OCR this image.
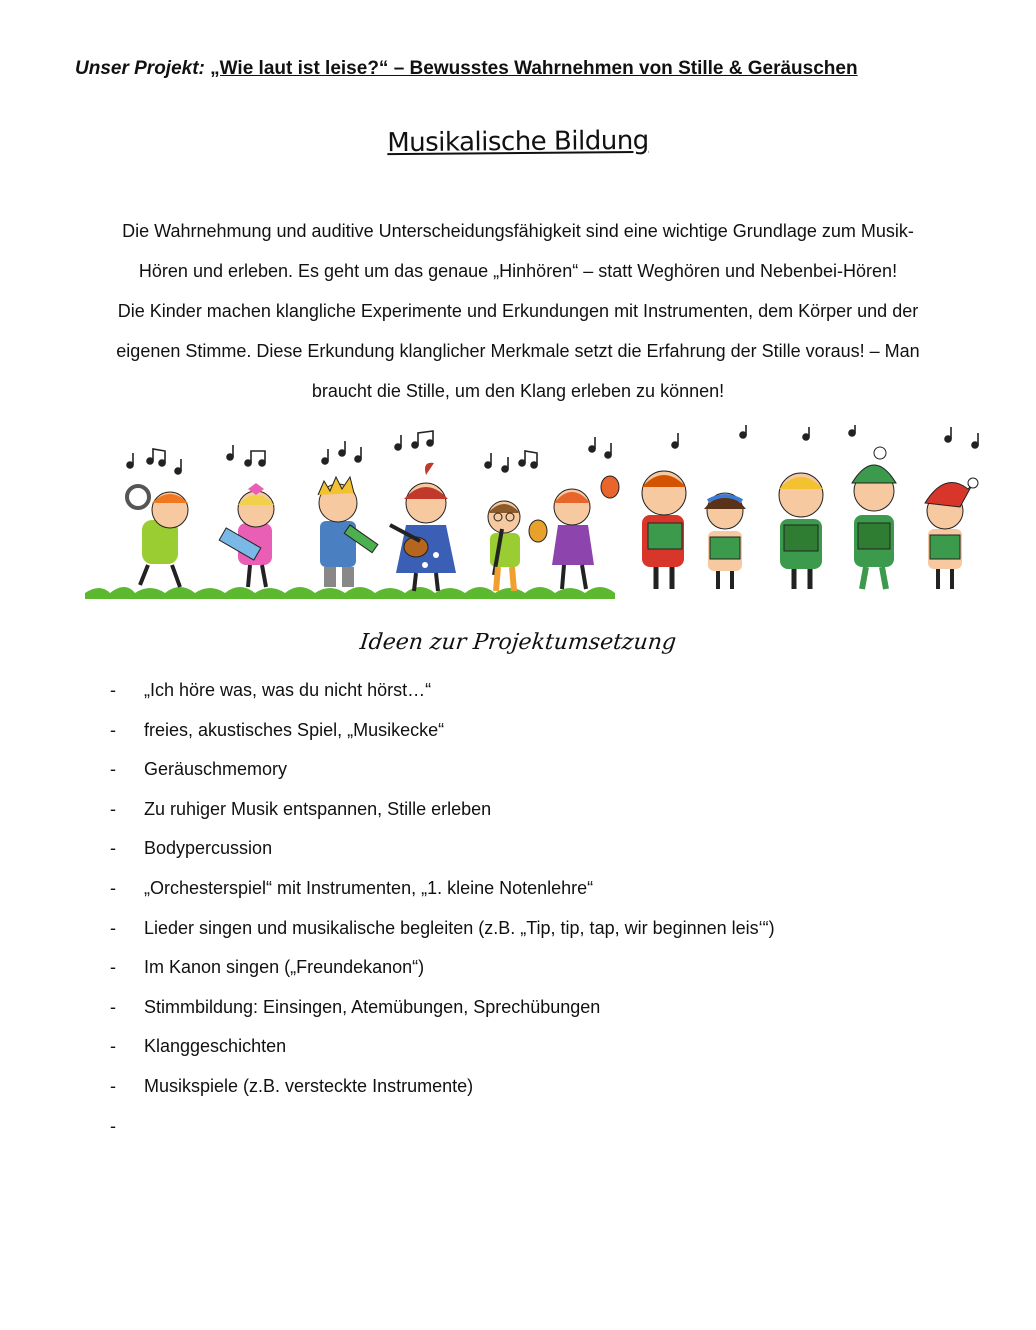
Unser Projekt: „Wie laut ist leise?“ – Bewusstes Wahrnehmen von Stille & Geräuschen
Musikalische Bildung

Die Wahrnehmung und auditive Unterscheidungsfähigkeit sind eine wichtige Grundlage zum Musik-

Hören und erleben. Es geht um das genaue „Hinhören“ – statt Weghören und Nebenbei-Hören!

Die Kinder machen klangliche Experimente und Erkundungen mit Instrumenten, dem Körper und der

eigenen Stimme. Diese Erkundung klanglicher Merkmale setzt die Erfahrung der Stille voraus! – Man

braucht die Stille, um den Klang erleben zu können!

Ideen zur Projektumsetzung
- „Ich höre was, was du nicht hörst…“
- freies, akustisches Spiel, „Musikecke“
- Geräuschmemory
- Zu ruhiger Musik entspannen, Stille erleben
- Bodypercussion
- „Orchesterspiel“ mit Instrumenten, „1. kleine Notenlehre“
- Lieder singen und musikalische begleiten (z.B. „Tip, tip, tap, wir beginnen leis‘“)
- Im Kanon singen („Freundekanon“)
- Stimmbildung: Einsingen, Atemübungen, Sprechübungen
- Klanggeschichten
- Musikspiele (z.B. versteckte Instrumente)
-
